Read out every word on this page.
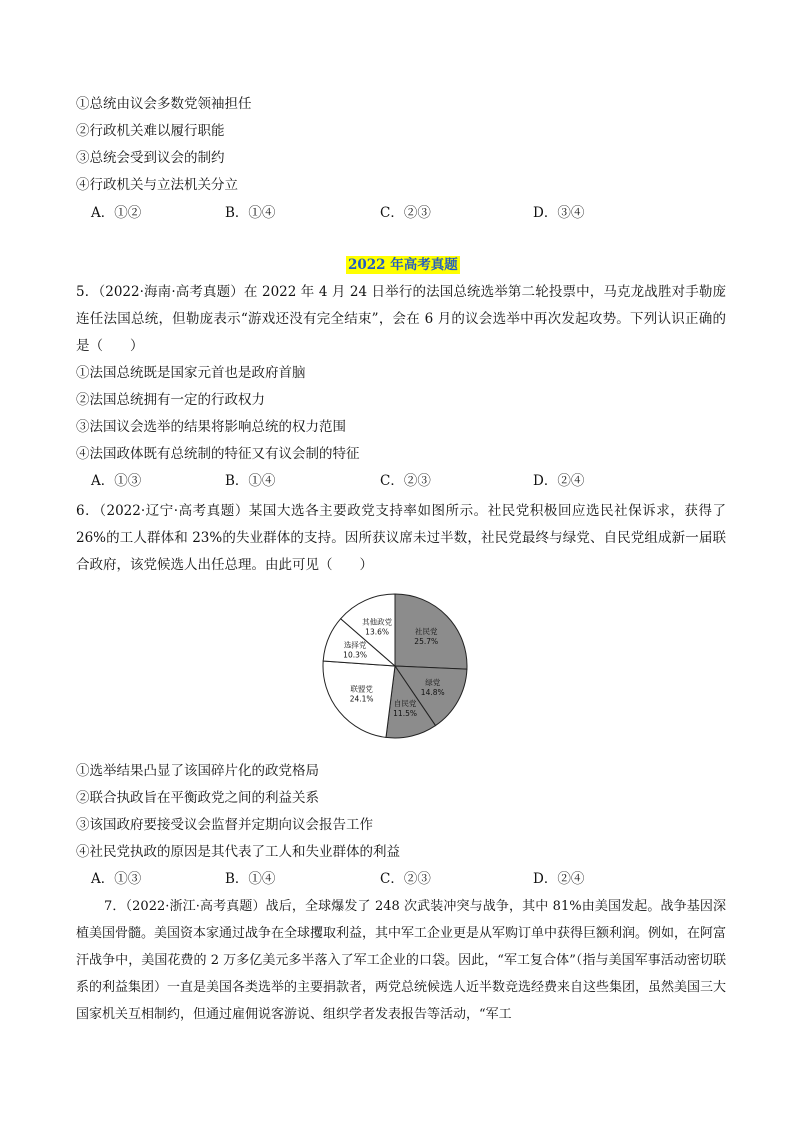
①总统由议会多数党领袖担任
②行政机关难以履行职能
③总统会受到议会的制约
④行政机关与立法机关分立
A．①②	B．①④	C．②③	D．③④
2022 年高考真题
5．（2022·海南·高考真题）在 2022 年 4 月 24 日举行的法国总统选举第二轮投票中，马克龙战胜对手勒庞连任法国总统，但勒庞表示“游戏还没有完全结束”，会在 6 月的议会选举中再次发起攻势。下列认识正确的是（　　）
①法国总统既是国家元首也是政府首脑
②法国总统拥有一定的行政权力
③法国议会选举的结果将影响总统的权力范围
④法国政体既有总统制的特征又有议会制的特征
A．①③	B．①④	C．②③	D．②④
6．（2022·辽宁·高考真题）某国大选各主要政党支持率如图所示。社民党积极回应选民社保诉求，获得了 26%的工人群体和 23%的失业群体的支持。因所获议席未过半数，社民党最终与绿党、自民党组成新一届联合政府，该党候选人出任总理。由此可见（　　）
社民党
25.7%
绿党
14.8%
自民党
11.5%
联盟党
24.1%
选择党
10.3%
其他政党
13.6%
①选举结果凸显了该国碎片化的政党格局
②联合执政旨在平衡政党之间的利益关系
③该国政府要接受议会监督并定期向议会报告工作
④社民党执政的原因是其代表了工人和失业群体的利益
A．①③	B．①④	C．②③	D．②④
7．（2022·浙江·高考真题）战后，全球爆发了 248 次武装冲突与战争，其中 81%由美国发起。战争基因深植美国骨髓。美国资本家通过战争在全球攫取利益，其中军工企业更是从军购订单中获得巨额利润。例如，在阿富汗战争中，美国花费的 2 万多亿美元多半落入了军工企业的口袋。因此，“军工复合体”（指与美国军事活动密切联系的利益集团）一直是美国各类选举的主要捐款者，两党总统候选人近半数竞选经费来自这些集团，虽然美国三大国家机关互相制约，但通过雇佣说客游说、组织学者发表报告等活动，“军工
